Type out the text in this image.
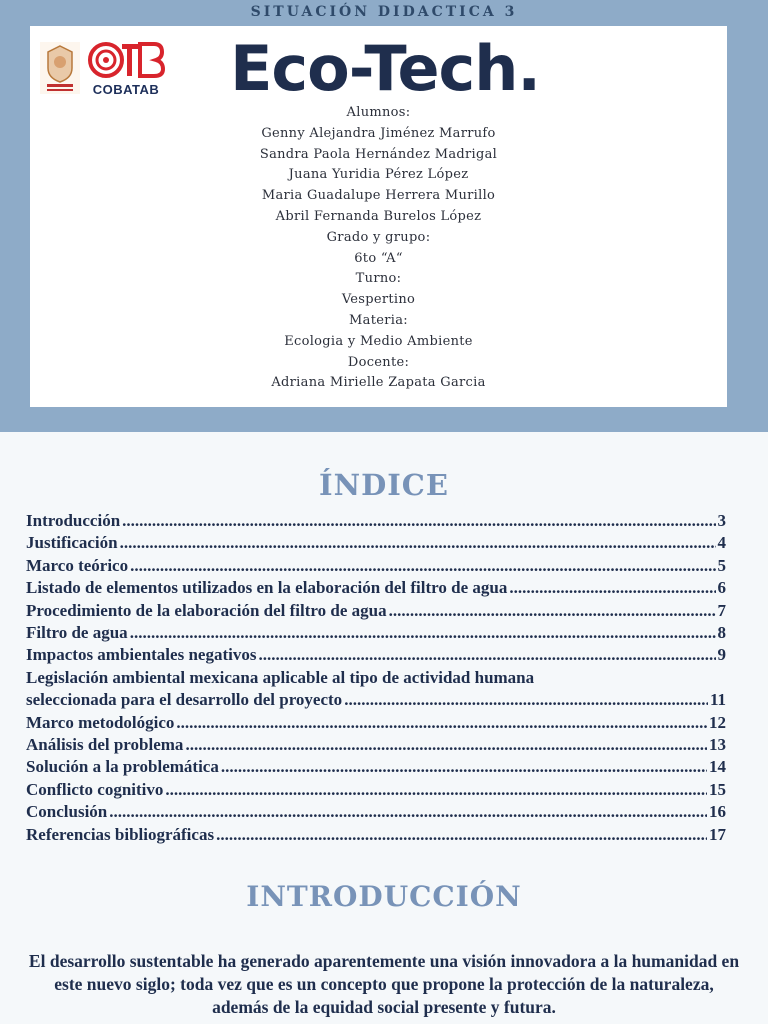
SITUACIÓN DIDACTICA 3
COBATAB Eco-Tech.
Alumnos:
Genny Alejandra Jiménez Marrufo
Sandra Paola Hernández Madrigal
Juana Yuridia Pérez López
Maria Guadalupe Herrera Murillo
Abril Fernanda Burelos López
Grado y grupo:
6to “A“
Turno:
Vespertino
Materia:
Ecologia y Medio Ambiente
Docente:
Adriana Mirielle Zapata Garcia
ÍNDICE
Introducción .....	3
Justificación .....	4
Marco teórico .....	5
Listado de elementos utilizados en la elaboración del filtro de agua .....	6
Procedimiento de la elaboración del filtro de agua .....	7
Filtro de agua .....	8
Impactos ambientales negativos .....	9
Legislación ambiental mexicana aplicable al tipo de actividad humana
seleccionada para el desarrollo del proyecto .....	11
Marco metodológico .....	12
Análisis del problema .....	13
Solución a la problemática .....	14
Conflicto cognitivo .....	15
Conclusión .....	16
Referencias bibliográficas .....	17
INTRODUCCIÓN
El desarrollo sustentable ha generado aparentemente una visión innovadora a la humanidad en este nuevo siglo; toda vez que es un concepto que propone la protección de la naturaleza, además de la equidad social presente y futura.
